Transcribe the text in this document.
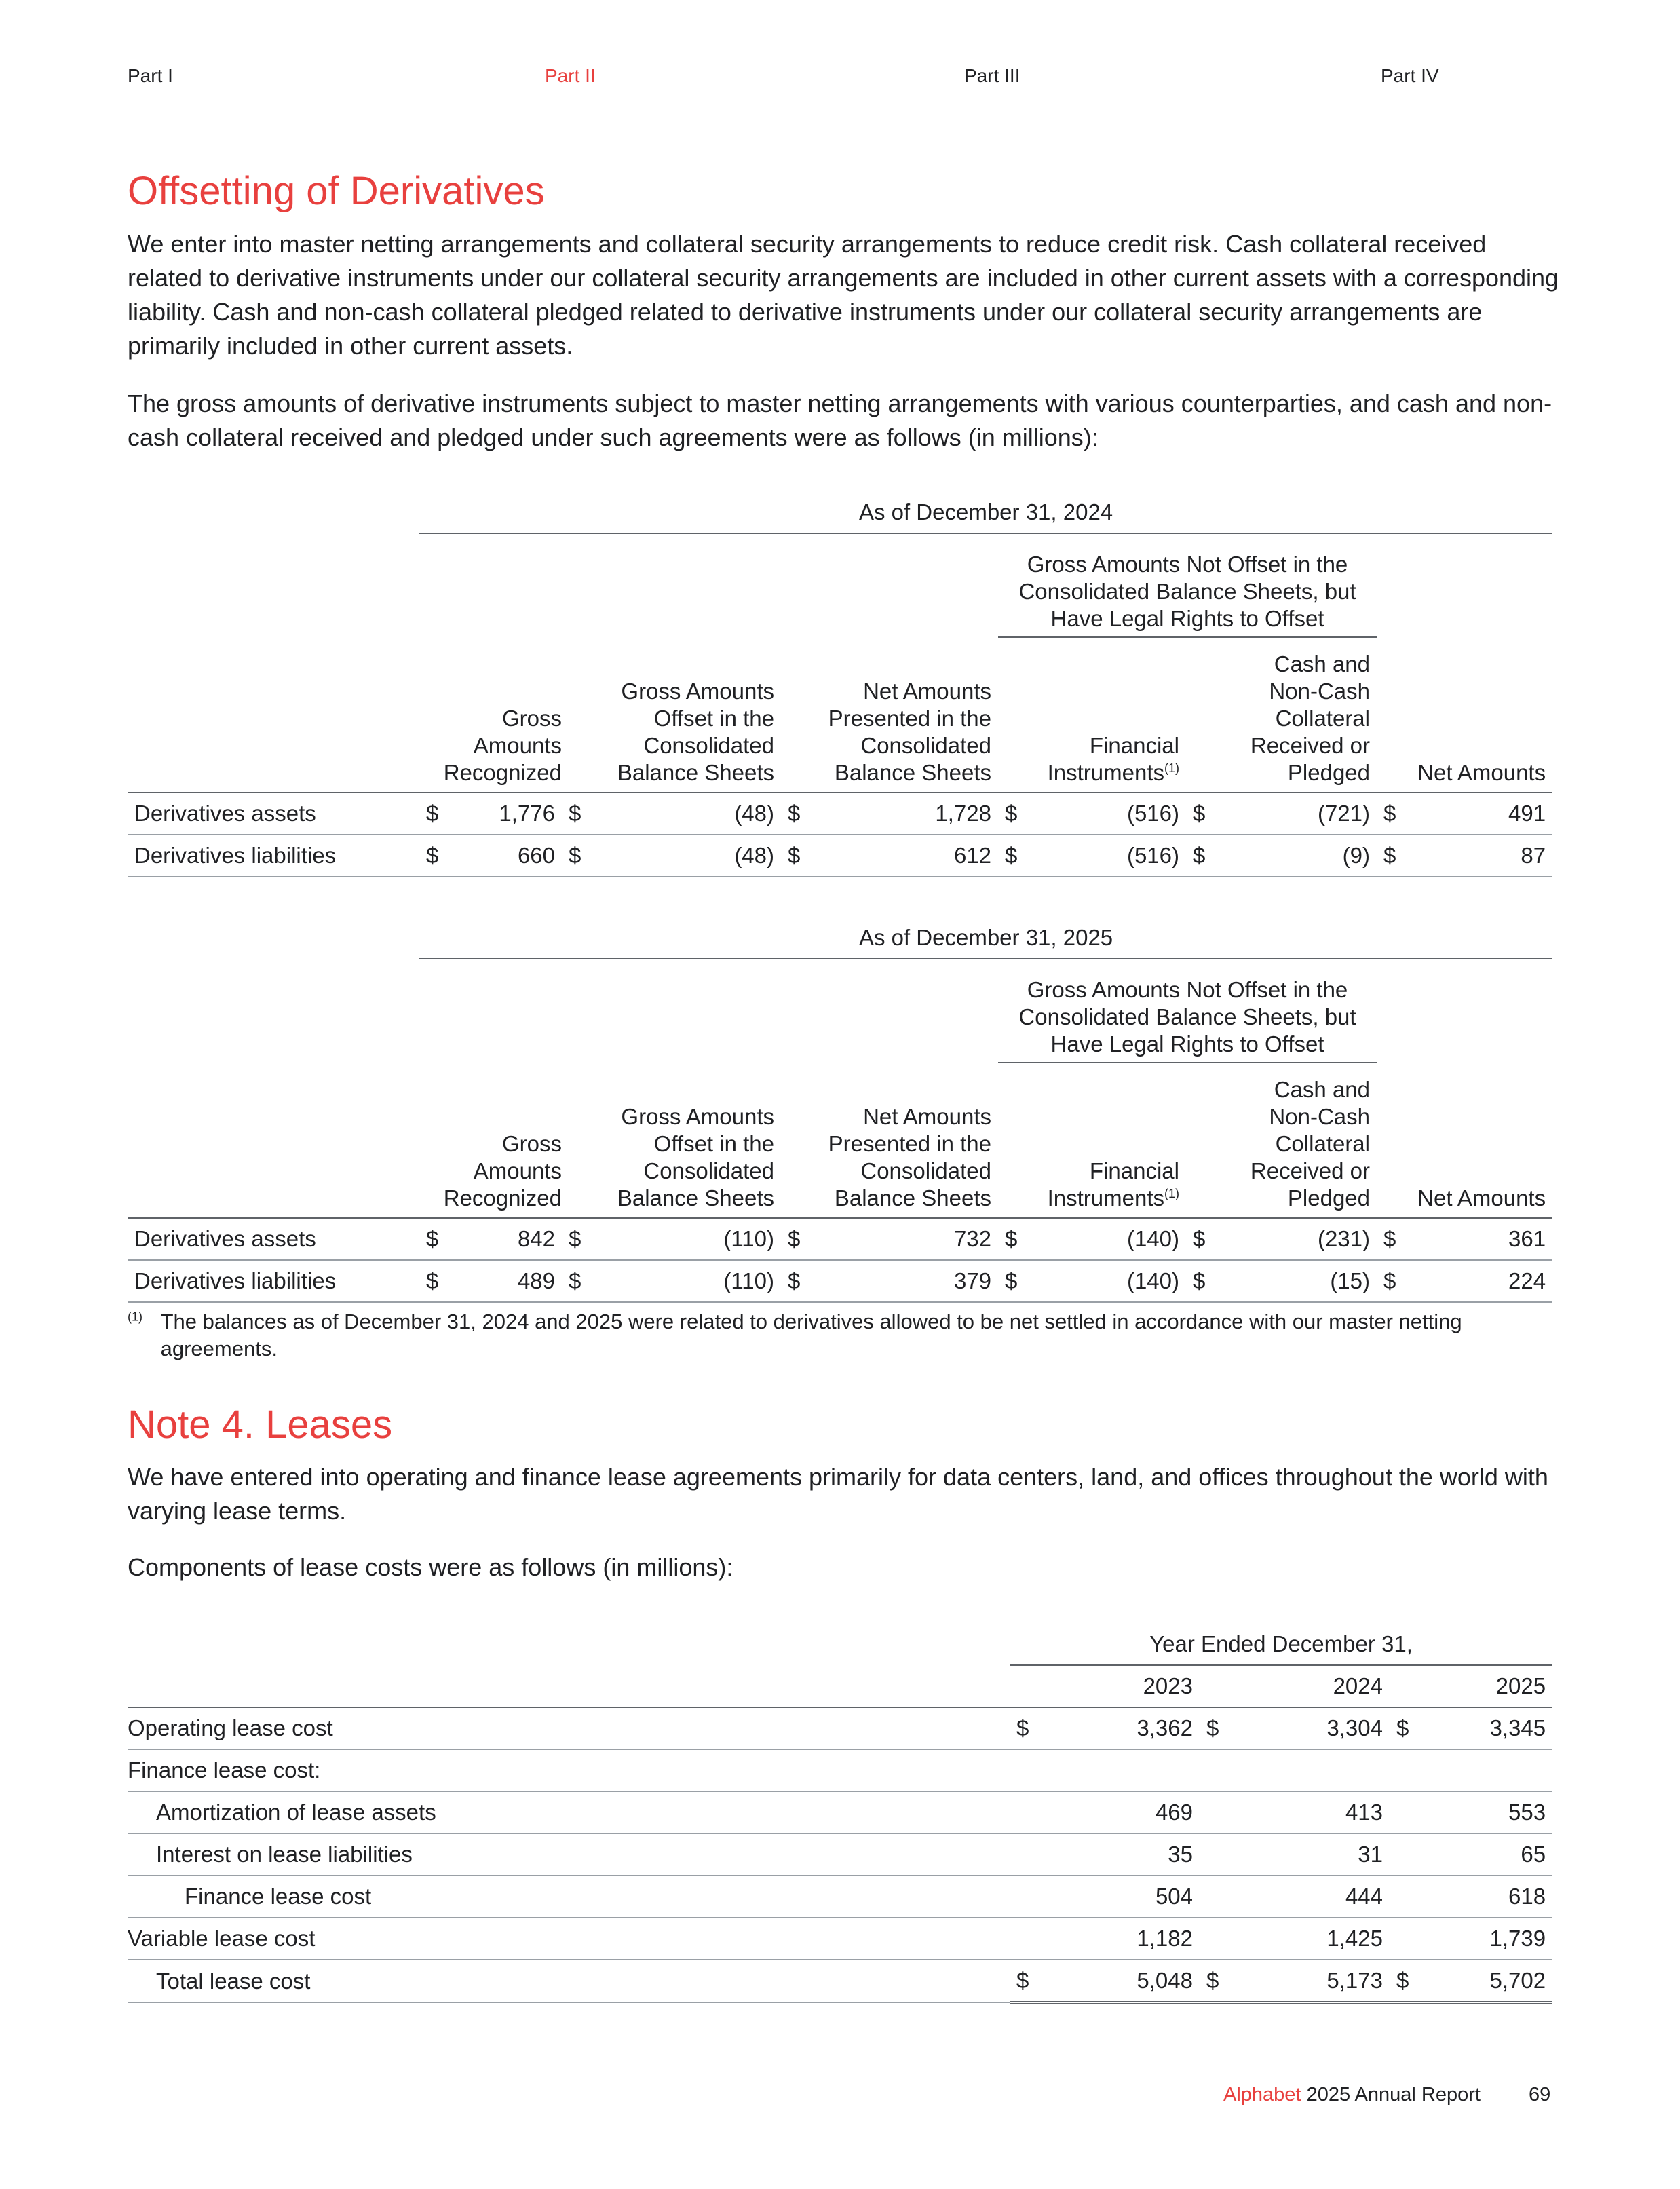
Part I	Part II	Part III	Part IV
Offsetting of Derivatives

We enter into master netting arrangements and collateral security arrangements to reduce credit risk. Cash collateral received related to derivative instruments under our collateral security arrangements are included in other current assets with a corresponding liability. Cash and non-cash collateral pledged related to derivative instruments under our collateral security arrangements are primarily included in other current assets.

The gross amounts of derivative instruments subject to master netting arrangements with various counterparties, and cash and non-cash collateral received and pledged under such agreements were as follows (in millions):

	As of December 31, 2024											

							Gross Amounts Not Offset in the Consolidated Balance Sheets, but Have Legal Rights to Offset					

	Gross Amounts Recognized		Gross Amounts Offset in the Consolidated Balance Sheets		Net Amounts Presented in the Consolidated Balance Sheets		Financial Instruments$^{(1)}$		Cash and Non-Cash Collateral Received or Pledged		Net Amounts	

Derivatives assets	$	1,776	$	(48)	$	1,728	$	(516)	$	(721)	$	491
Derivatives liabilities	$	660	$	(48)	$	612	$	(516)	$	(9)	$	87
	As of December 31, 2025											

							Gross Amounts Not Offset in the Consolidated Balance Sheets, but Have Legal Rights to Offset					

	Gross Amounts Recognized		Gross Amounts Offset in the Consolidated Balance Sheets		Net Amounts Presented in the Consolidated Balance Sheets		Financial Instruments$^{(1)}$		Cash and Non-Cash Collateral Received or Pledged		Net Amounts	

Derivatives assets	$	842	$	(110)	$	732	$	(140)	$	(231)	$	361
Derivatives liabilities	$	489	$	(110)	$	379	$	(140)	$	(15)	$	224
$^{(1)}$ The balances as of December 31, 2024 and 2025 were related to derivatives allowed to be net settled in accordance with our master netting agreements.
Note 4. Leases

We have entered into operating and finance lease agreements primarily for data centers, land, and offices throughout the world with varying lease terms.

Components of lease costs were as follows (in millions):

	Year Ended December 31,					
	2023		2024		2025	
Operating lease cost	$	3,362	$	3,304	$	3,345
Finance lease cost:						
Amortization of lease assets		469		413		553
Interest on lease liabilities		35		31		65
Finance lease cost		504		444		618
Variable lease cost		1,182		1,425		1,739
Total lease cost	$	5,048	$	5,173	$	5,702
Alphabet 2025 Annual Report 69
